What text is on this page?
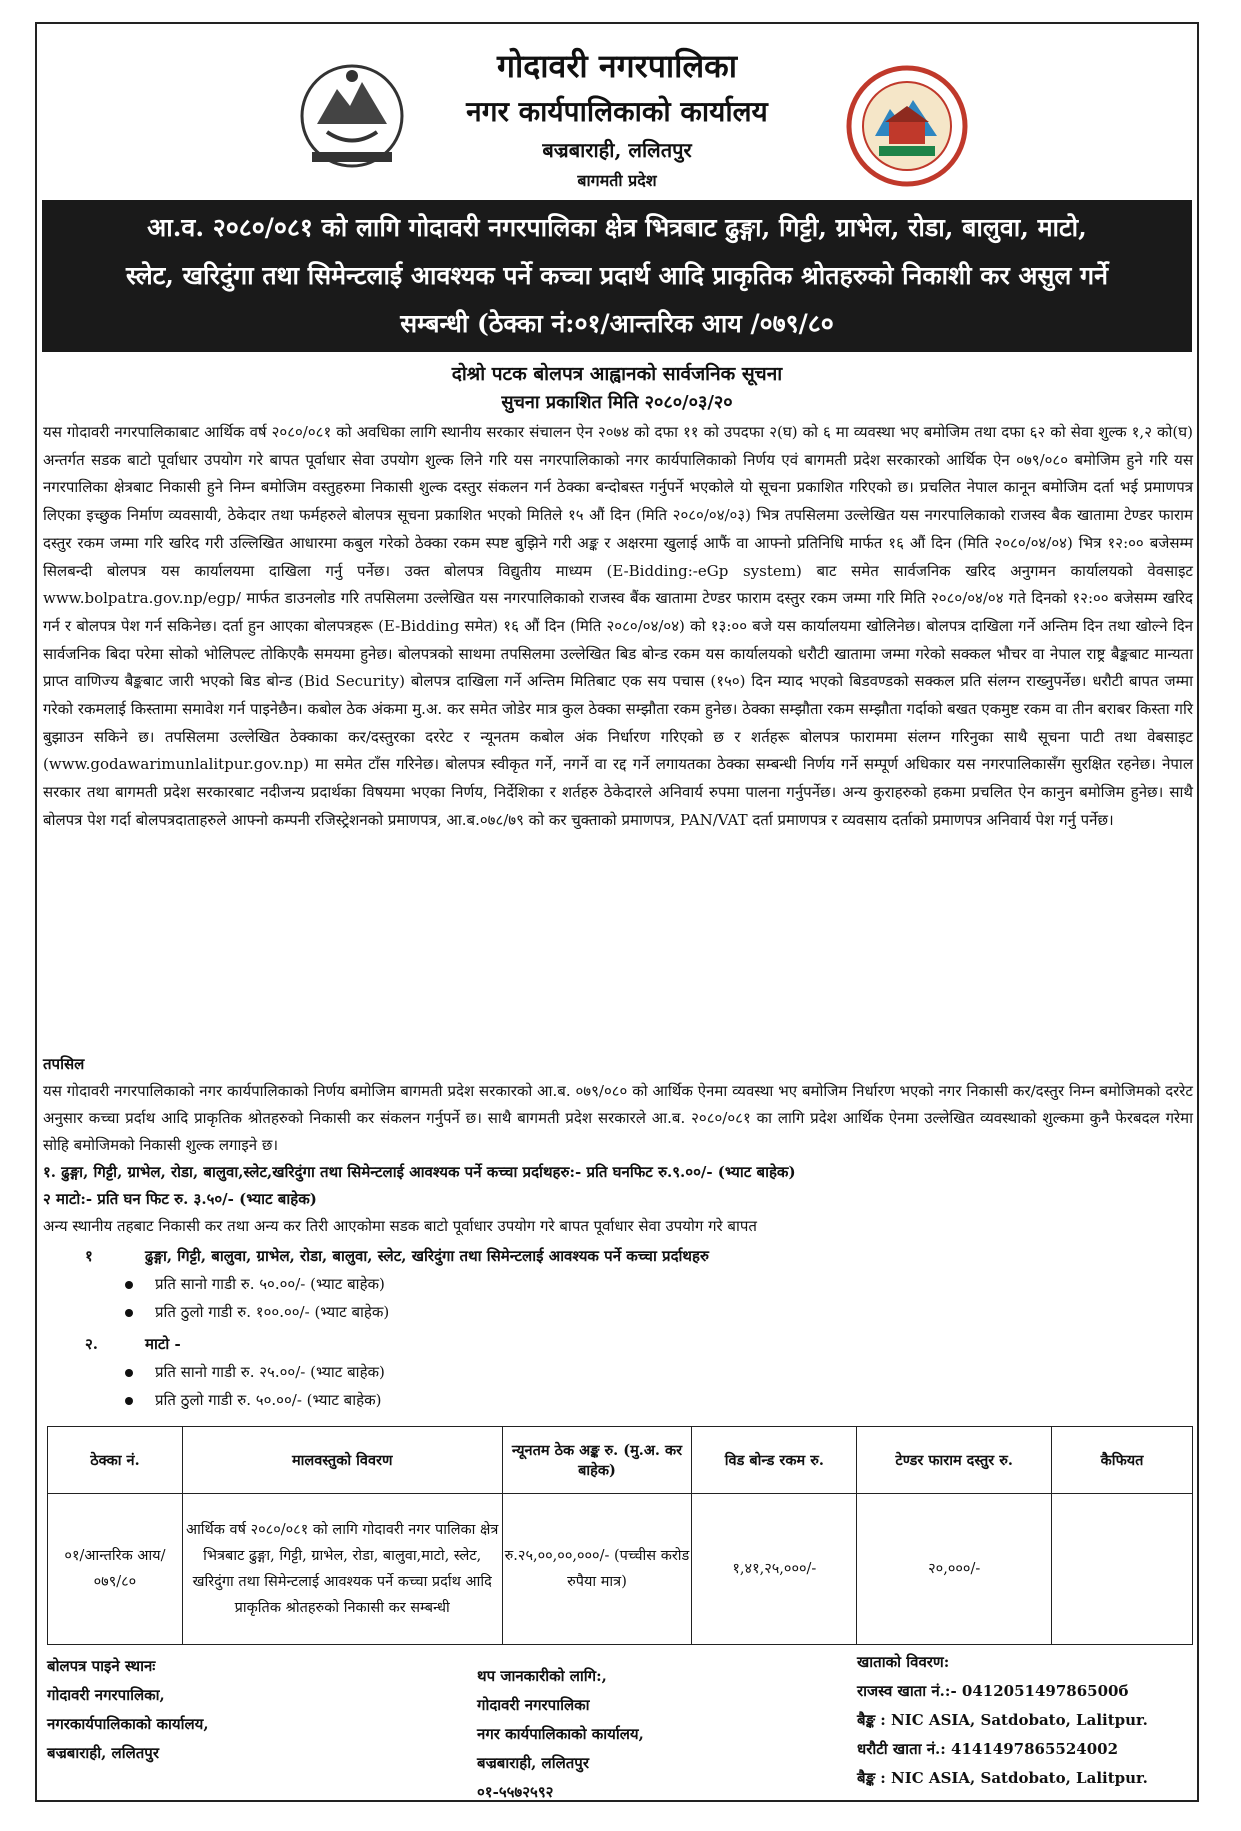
गोदावरी नगरपालिका
नगर कार्यपालिकाको कार्यालय
बज्रबाराही, ललितपुर
बागमती प्रदेश
आ.व. २०८०/०८१ को लागि गोदावरी नगरपालिका क्षेत्र भित्रबाट ढुङ्गा, गिट्टी, ग्राभेल, रोडा, बालुवा, माटो,
स्लेट, खरिदुंगा तथा सिमेन्टलाई आवश्यक पर्ने कच्चा प्रदार्थ आदि प्राकृतिक श्रोतहरुको निकाशी कर असुल गर्ने
सम्बन्धी (ठेक्का नं:०१/आन्तरिक आय /०७९/८०
दोश्रो पटक बोलपत्र आह्वानको सार्वजनिक सूचना
सुचना प्रकाशित मिति २०८०/०३/२०
यस गोदावरी नगरपालिकाबाट आर्थिक वर्ष २०८०/०८१ को अवधिका लागि स्थानीय सरकार संचालन ऐन २०७४ को दफा ११ को उपदफा २(घ) को ६ मा व्यवस्था भए बमोजिम तथा दफा ६२ को सेवा शुल्क १,२ को(घ) अन्तर्गत सडक बाटो पूर्वाधार उपयोग गरे बापत पूर्वाधार सेवा उपयोग शुल्क लिने गरि यस नगरपालिकाको नगर कार्यपालिकाको निर्णय एवं बागमती प्रदेश सरकारको आर्थिक ऐन ०७९/०८० बमोजिम हुने गरि यस नगरपालिका क्षेत्रबाट निकासी हुने निम्न बमोजिम वस्तुहरुमा निकासी शुल्क दस्तुर संकलन गर्न ठेक्का बन्दोबस्त गर्नुपर्ने भएकोले यो सूचना प्रकाशित गरिएको छ। प्रचलित नेपाल कानून बमोजिम दर्ता भई प्रमाणपत्र लिएका इच्छुक निर्माण व्यवसायी, ठेकेदार तथा फर्महरुले बोलपत्र सूचना प्रकाशित भएको मितिले १५ औं दिन (मिति २०८०/०४/०३) भित्र तपसिलमा उल्लेखित यस नगरपालिकाको राजस्व बैक खातामा टेण्डर फाराम दस्तुर रकम जम्मा गरि खरिद गरी उल्लिखित आधारमा कबुल गरेको ठेक्का रकम स्पष्ट बुझिने गरी अङ्क र अक्षरमा खुलाई आफैं वा आफ्नो प्रतिनिधि मार्फत १६ औं दिन (मिति २०८०/०४/०४) भित्र १२:०० बजेसम्म सिलबन्दी बोलपत्र यस कार्यालयमा दाखिला गर्नु पर्नेछ। उक्त बोलपत्र विद्युतीय माध्यम (E-Bidding:-eGp system) बाट समेत सार्वजनिक खरिद अनुगमन कार्यालयको वेवसाइट www.bolpatra.gov.np/egp/ मार्फत डाउनलोड गरि तपसिलमा उल्लेखित यस नगरपालिकाको राजस्व बैंक खातामा टेण्डर फाराम दस्तुर रकम जम्मा गरि मिति २०८०/०४/०४ गते दिनको १२:०० बजेसम्म खरिद गर्न र बोलपत्र पेश गर्न सकिनेछ। दर्ता हुन आएका बोलपत्रहरू (E-Bidding समेत) १६ औं दिन (मिति २०८०/०४/०४) को १३:०० बजे यस कार्यालयमा खोलिनेछ। बोलपत्र दाखिला गर्ने अन्तिम दिन तथा खोल्ने दिन सार्वजनिक बिदा परेमा सोको भोलिपल्ट तोकिएकै समयमा हुनेछ। बोलपत्रको साथमा तपसिलमा उल्लेखित बिड बोन्ड रकम यस कार्यालयको धरौटी खातामा जम्मा गरेको सक्कल भौचर वा नेपाल राष्ट्र बैङ्कबाट मान्यता प्राप्त वाणिज्य बैङ्कबाट जारी भएको बिड बोन्ड (Bid Security) बोलपत्र दाखिला गर्ने अन्तिम मितिबाट एक सय पचास (१५०) दिन म्याद भएको बिडवण्डको सक्कल प्रति संलग्न राख्नुपर्नेछ। धरौटी बापत जम्मा गरेको रकमलाई किस्तामा समावेश गर्न पाइनेछैन। कबोल ठेक अंकमा मु.अ. कर समेत जोडेर मात्र कुल ठेक्का सम्झौता रकम हुनेछ। ठेक्का सम्झौता रकम सम्झौता गर्दाको बखत एकमुष्ट रकम वा तीन बराबर किस्ता गरि बुझाउन सकिने छ। तपसिलमा उल्लेखित ठेक्काका कर/दस्तुरका दररेट र न्यूनतम कबोल अंक निर्धारण गरिएको छ र शर्तहरू बोलपत्र फाराममा संलग्न गरिनुका साथै सूचना पाटी तथा वेबसाइट (www.godawarimunlalitpur.gov.np) मा समेत टाँस गरिनेछ। बोलपत्र स्वीकृत गर्ने, नगर्ने वा रद्द गर्ने लगायतका ठेक्का सम्बन्धी निर्णय गर्ने सम्पूर्ण अधिकार यस नगरपालिकासँग सुरक्षित रहनेछ। नेपाल सरकार तथा बागमती प्रदेश सरकारबाट नदीजन्य प्रदार्थका विषयमा भएका निर्णय, निर्देशिका र शर्तहरु ठेकेदारले अनिवार्य रुपमा पालना गर्नुपर्नेछ। अन्य कुराहरुको हकमा प्रचलित ऐन कानुन बमोजिम हुनेछ। साथै बोलपत्र पेश गर्दा बोलपत्रदाताहरुले आफ्नो कम्पनी रजिस्ट्रेशनको प्रमाणपत्र, आ.ब.०७८/७९ को कर चुक्ताको प्रमाणपत्र, PAN/VAT दर्ता प्रमाणपत्र र व्यवसाय दर्ताको प्रमाणपत्र अनिवार्य पेश गर्नु पर्नेछ।
तपसिल
यस गोदावरी नगरपालिकाको नगर कार्यपालिकाको निर्णय बमोजिम बागमती प्रदेश सरकारको आ.ब. ०७९/०८० को आर्थिक ऐनमा व्यवस्था भए बमोजिम निर्धारण भएको नगर निकासी कर/दस्तुर निम्न बमोजिमको दररेट अनुसार कच्चा प्रर्दाथ आदि प्राकृतिक श्रोतहरुको निकासी कर संकलन गर्नुपर्ने छ। साथै बागमती प्रदेश सरकारले आ.ब. २०८०/०८१ का लागि प्रदेश आर्थिक ऐनमा उल्लेखित व्यवस्थाको शुल्कमा कुनै फेरबदल गरेमा सोहि बमोजिमको निकासी शुल्क लगाइने छ।
१. ढुङ्गा, गिट्टी, ग्राभेल, रोडा, बालुवा,स्लेट,खरिदुंगा तथा सिमेन्टलाई आवश्यक पर्ने कच्चा प्रर्दाथहरु:- प्रति घनफिट रु.९.००/- (भ्याट बाहेक)
२ माटो:- प्रति घन फिट रु. ३.५०/- (भ्याट बाहेक)
अन्य स्थानीय तहबाट निकासी कर तथा अन्य कर तिरी आएकोमा सडक बाटो पूर्वाधार उपयोग गरे बापत पूर्वाधार सेवा उपयोग गरे बापत
१	ढुङ्गा, गिट्टी, बालुवा, ग्राभेल, रोडा, बालुवा, स्लेट, खरिदुंगा तथा सिमेन्टलाई आवश्यक पर्ने कच्चा प्रर्दाथहरु
प्रति सानो गाडी रु. ५०.००/- (भ्याट बाहेक)
प्रति ठुलो गाडी रु. १००.००/- (भ्याट बाहेक)
२.	माटो -
प्रति सानो गाडी रु. २५.००/- (भ्याट बाहेक)
प्रति ठुलो गाडी रु. ५०.००/- (भ्याट बाहेक)
ठेक्का नं.	मालवस्तुको विवरण	न्यूनतम ठेक अङ्क रु. (मु.अ. कर बाहेक)	विड बोन्ड रकम रु.	टेण्डर फाराम दस्तुर रु.	कैफियत
०१/आन्तरिक आय/०७९/८०	आर्थिक वर्ष २०८०/०८१ को लागि गोदावरी नगर पालिका क्षेत्र भित्रबाट ढुङ्गा, गिट्टी, ग्राभेल, रोडा, बालुवा,माटो, स्लेट, खरिदुंगा तथा सिमेन्टलाई आवश्यक पर्ने कच्चा प्रर्दाथ आदि प्राकृतिक श्रोतहरुको निकासी कर सम्बन्धी	रु.२५,००,००,०००/- (पच्चीस करोड रुपैया मात्र)	१,४१,२५,०००/-	२०,०००/-	
बोलपत्र पाइने स्थानः
गोदावरी नगरपालिका,
नगरकार्यपालिकाको कार्यालय,
बज्रबाराही, ललितपुर
थप जानकारीको लागि:,
गोदावरी नगरपालिका
नगर कार्यपालिकाको कार्यालय,
बज्रबाराही, ललितपुर
०१-५५७२५९२
खाताको विवरण:
राजस्व खाता नं.:- 041205149786500б
बैङ्क : NIC ASIA, Satdobato, Lalitpur.
धरौटी खाता नं.: 4141497865524002
बैङ्क : NIC ASIA, Satdobato, Lalitpur.
